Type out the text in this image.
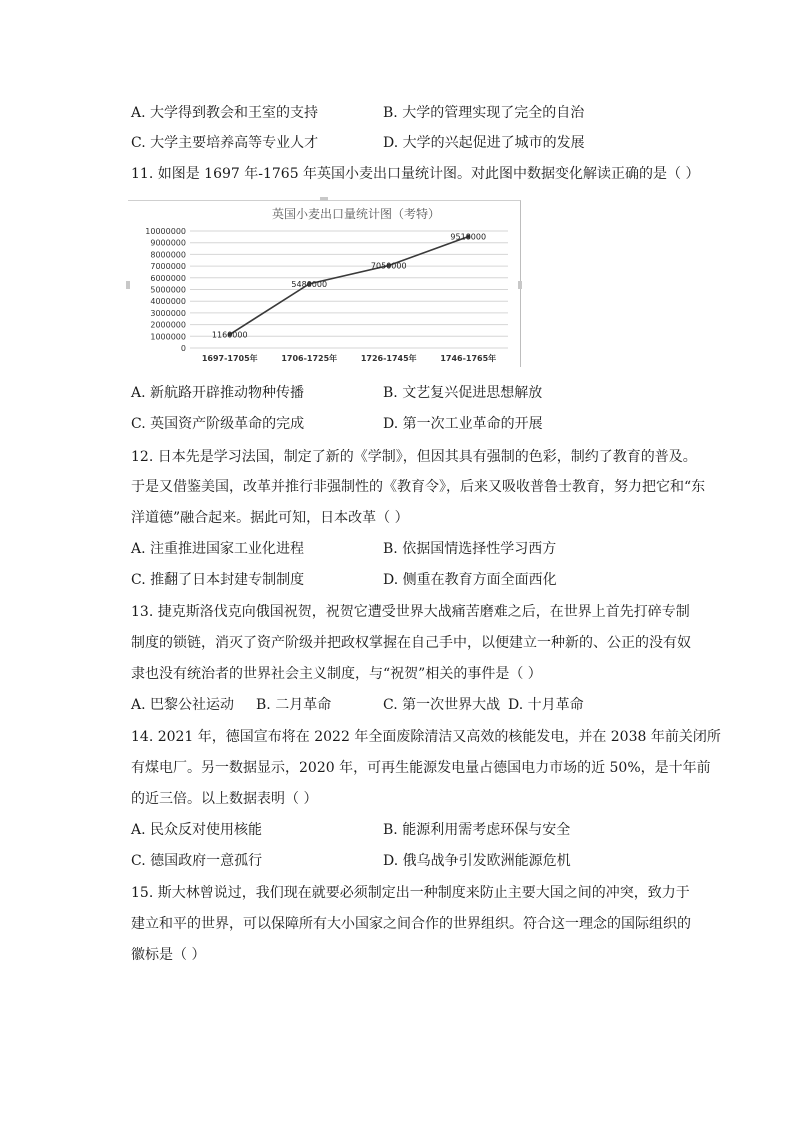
A. 大学得到教会和王室的支持	B. 大学的管理实现了完全的自治
C. 大学主要培养高等专业人才	D. 大学的兴起促进了城市的发展
11. 如图是 1697 年-1765 年英国小麦出口量统计图。对此图中数据变化解读正确的是（ ）
英国小麦出口量统计图（考特）
0
1000000
2000000
3000000
4000000
5000000
6000000
7000000
8000000
9000000
10000000
1697-1705年	1706-1725年	1726-1745年	1746-1765年
1160000
5480000
7050000
9518000
A. 新航路开辟推动物种传播	B. 文艺复兴促进思想解放
C. 英国资产阶级革命的完成	D. 第一次工业革命的开展
12. 日本先是学习法国，制定了新的《学制》，但因其具有强制的色彩，制约了教育的普及。
于是又借鉴美国，改革并推行非强制性的《教育令》，后来又吸收普鲁士教育，努力把它和“东
洋道德”融合起来。据此可知，日本改革（ ）
A. 注重推进国家工业化进程	B. 依据国情选择性学习西方
C. 推翻了日本封建专制制度	D. 侧重在教育方面全面西化
13. 捷克斯洛伐克向俄国祝贺，祝贺它遭受世界大战痛苦磨难之后，在世界上首先打碎专制
制度的锁链，消灭了资产阶级并把政权掌握在自己手中，以便建立一种新的、公正的没有奴
隶也没有统治者的世界社会主义制度，与“祝贺”相关的事件是（ ）
A. 巴黎公社运动 B. 二月革命	C. 第一次世界大战 D. 十月革命
14. 2021 年，德国宣布将在 2022 年全面废除清洁又高效的核能发电，并在 2038 年前关闭所
有煤电厂。另一数据显示，2020 年，可再生能源发电量占德国电力市场的近 50%，是十年前
的近三倍。以上数据表明（ ）
A. 民众反对使用核能	B. 能源利用需考虑环保与安全
C. 德国政府一意孤行	D. 俄乌战争引发欧洲能源危机
15. 斯大林曾说过，我们现在就要必须制定出一种制度来防止主要大国之间的冲突，致力于
建立和平的世界，可以保障所有大小国家之间合作的世界组织。符合这一理念的国际组织的
徽标是（ ）
